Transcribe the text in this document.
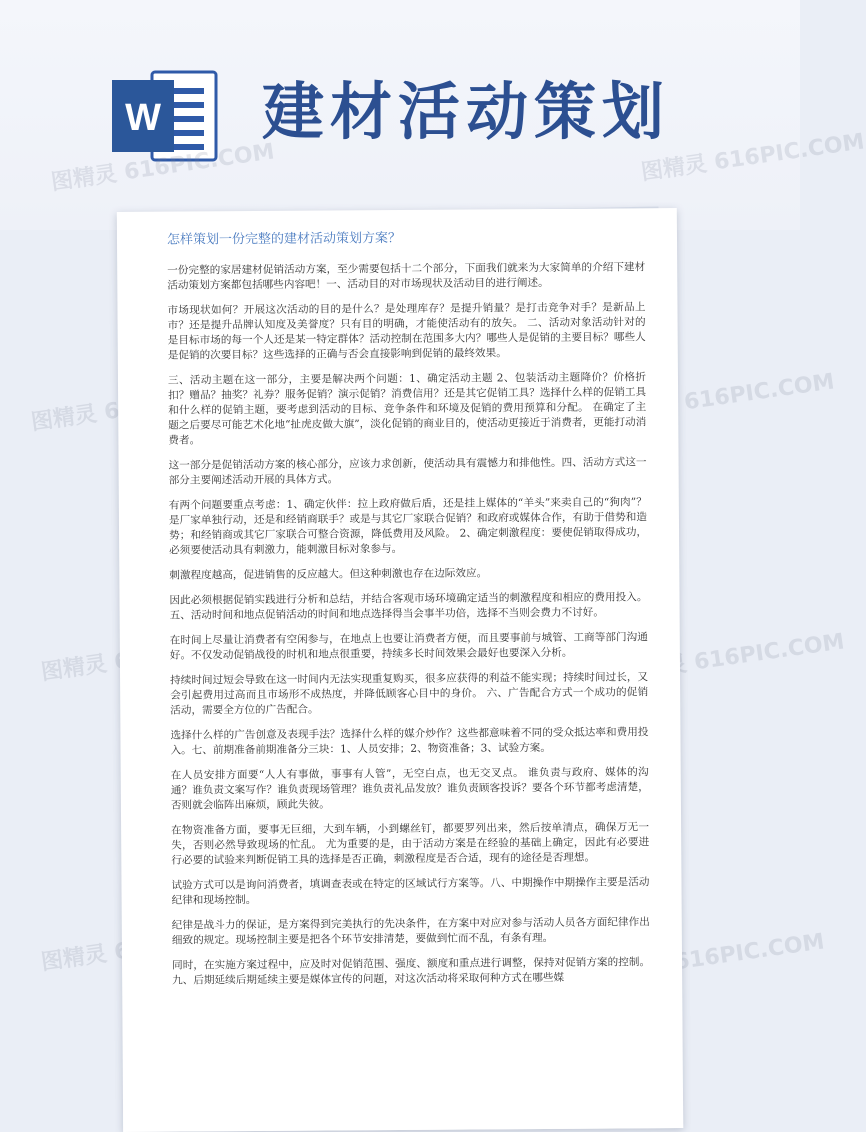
W 建材活动策划
图精灵	图精灵 616PIC.COM
图精灵	图精灵 616PIC.COM
图精灵	图精灵 616PIC.COM

怎样策划一份完整的建材活动策划方案？

一份完整的家居建材促销活动方案，至少需要包括十二个部分，下面我们就来为大家简单的介绍下建材活动策划方案都包括哪些内容吧！一、活动目的对市场现状及活动目的进行阐述。

市场现状如何？开展这次活动的目的是什么？是处理库存？是提升销量？是打击竞争对手？是新品上市？还是提升品牌认知度及美誉度？只有目的明确，才能使活动有的放矢。 二、活动对象活动针对的是目标市场的每一个人还是某一特定群体？活动控制在范围多大内？哪些人是促销的主要目标？哪些人是促销的次要目标？这些选择的正确与否会直接影响到促销的最终效果。

三、活动主题在这一部分，主要是解决两个问题：1、确定活动主题 2、包装活动主题降价？价格折扣？赠品？抽奖？礼券？服务促销？演示促销？消费信用？还是其它促销工具？选择什么样的促销工具和什么样的促销主题，要考虑到活动的目标、竞争条件和环境及促销的费用预算和分配。 在确定了主题之后要尽可能艺术化地“扯虎皮做大旗”，淡化促销的商业目的，使活动更接近于消费者，更能打动消费者。

这一部分是促销活动方案的核心部分，应该力求创新，使活动具有震憾力和排他性。四、活动方式这一部分主要阐述活动开展的具体方式。

有两个问题要重点考虑：1、确定伙伴：拉上政府做后盾，还是挂上媒体的“羊头”来卖自己的“狗肉”？是厂家单独行动，还是和经销商联手？或是与其它厂家联合促销？和政府或媒体合作，有助于借势和造势；和经销商或其它厂家联合可整合资源，降低费用及风险。 2、确定刺激程度：要使促销取得成功，必须要使活动具有刺激力，能刺激目标对象参与。

刺激程度越高，促进销售的反应越大。但这种刺激也存在边际效应。

因此必须根据促销实践进行分析和总结，并结合客观市场环境确定适当的刺激程度和相应的费用投入。五、活动时间和地点促销活动的时间和地点选择得当会事半功倍，选择不当则会费力不讨好。

在时间上尽量让消费者有空闲参与，在地点上也要让消费者方便，而且要事前与城管、工商等部门沟通好。不仅发动促销战役的时机和地点很重要，持续多长时间效果会最好也要深入分析。

持续时间过短会导致在这一时间内无法实现重复购买，很多应获得的利益不能实现；持续时间过长，又会引起费用过高而且市场形不成热度，并降低顾客心目中的身价。 六、广告配合方式一个成功的促销活动，需要全方位的广告配合。

选择什么样的广告创意及表现手法？选择什么样的媒介炒作？这些都意味着不同的受众抵达率和费用投入。七、前期准备前期准备分三块：1、人员安排；2、物资准备；3、试验方案。

在人员安排方面要“人人有事做，事事有人管”，无空白点，也无交叉点。 谁负责与政府、媒体的沟通？谁负责文案写作？谁负责现场管理？谁负责礼品发放？谁负责顾客投诉？要各个环节都考虑清楚，否则就会临阵出麻烦，顾此失彼。

在物资准备方面，要事无巨细，大到车辆，小到螺丝钉，都要罗列出来，然后按单清点，确保万无一失，否则必然导致现场的忙乱。 尤为重要的是，由于活动方案是在经验的基础上确定，因此有必要进行必要的试验来判断促销工具的选择是否正确，刺激程度是否合适，现有的途径是否理想。

试验方式可以是询问消费者，填调查表或在特定的区域试行方案等。八、中期操作中期操作主要是活动纪律和现场控制。

纪律是战斗力的保证，是方案得到完美执行的先决条件，在方案中对应对参与活动人员各方面纪律作出细致的规定。现场控制主要是把各个环节安排清楚，要做到忙而不乱，有条有理。

同时，在实施方案过程中，应及时对促销范围、强度、额度和重点进行调整，保持对促销方案的控制。 九、后期延续后期延续主要是媒体宣传的问题，对这次活动将采取何种方式在哪些媒
